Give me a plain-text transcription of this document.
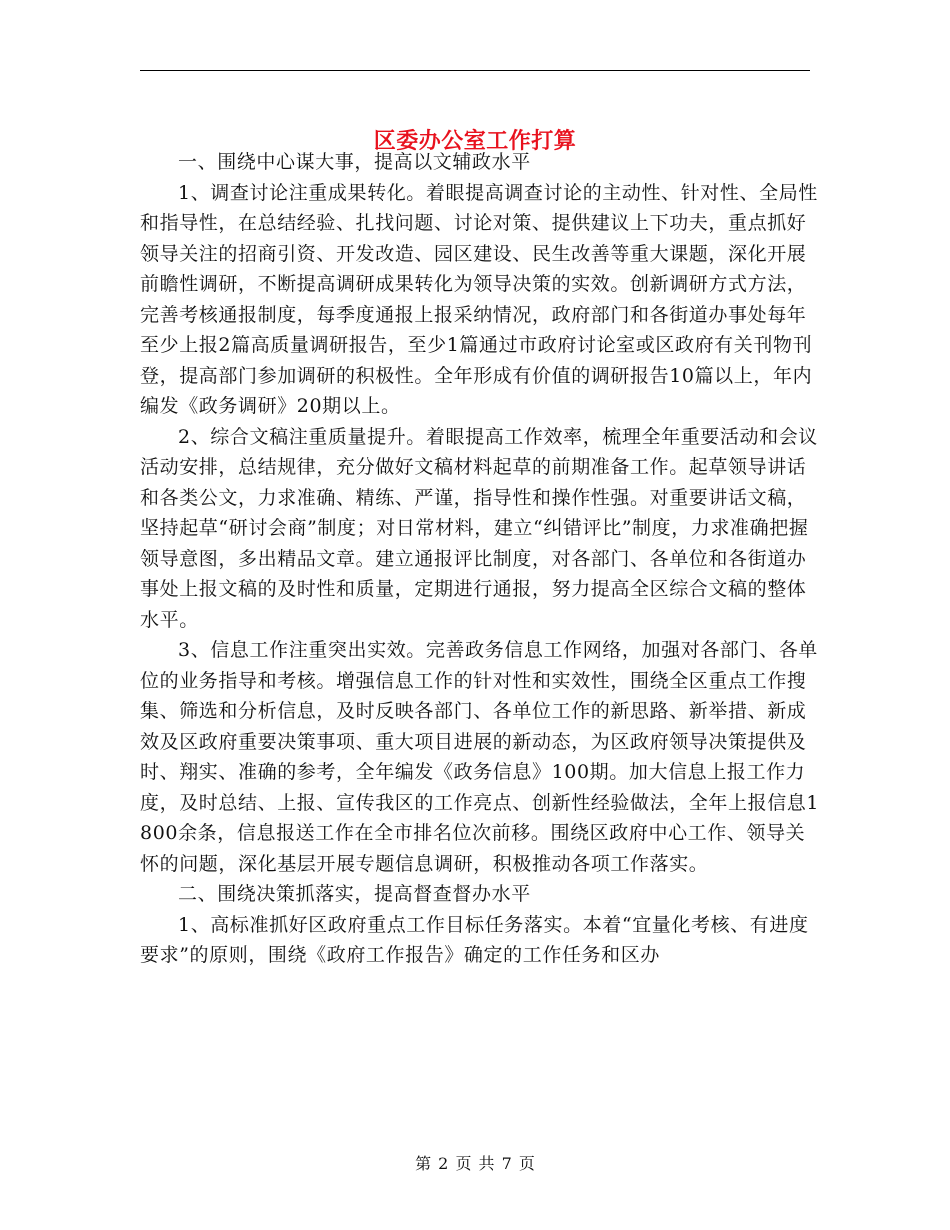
区委办公室工作打算

一、围绕中心谋大事，提高以文辅政水平

1、调查讨论注重成果转化。着眼提高调查讨论的主动性、针对性、全局性和指导性，在总结经验、扎找问题、讨论对策、提供建议上下功夫，重点抓好领导关注的招商引资、开发改造、园区建设、民生改善等重大课题，深化开展前瞻性调研，不断提高调研成果转化为领导决策的实效。创新调研方式方法，完善考核通报制度，每季度通报上报采纳情况，政府部门和各街道办事处每年至少上报2篇高质量调研报告，至少1篇通过市政府讨论室或区政府有关刊物刊登，提高部门参加调研的积极性。全年形成有价值的调研报告10篇以上，年内编发《政务调研》20期以上。

2、综合文稿注重质量提升。着眼提高工作效率，梳理全年重要活动和会议活动安排，总结规律，充分做好文稿材料起草的前期准备工作。起草领导讲话和各类公文，力求准确、精练、严谨，指导性和操作性强。对重要讲话文稿，坚持起草“研讨会商”制度；对日常材料，建立“纠错评比”制度，力求准确把握领导意图，多出精品文章。建立通报评比制度，对各部门、各单位和各街道办事处上报文稿的及时性和质量，定期进行通报，努力提高全区综合文稿的整体水平。

3、信息工作注重突出实效。完善政务信息工作网络，加强对各部门、各单位的业务指导和考核。增强信息工作的针对性和实效性，围绕全区重点工作搜集、筛选和分析信息，及时反映各部门、各单位工作的新思路、新举措、新成效及区政府重要决策事项、重大项目进展的新动态，为区政府领导决策提供及时、翔实、准确的参考，全年编发《政务信息》100期。加大信息上报工作力度，及时总结、上报、宣传我区的工作亮点、创新性经验做法，全年上报信息1800余条，信息报送工作在全市排名位次前移。围绕区政府中心工作、领导关怀的问题，深化基层开展专题信息调研，积极推动各项工作落实。

二、围绕决策抓落实，提高督查督办水平

1、高标准抓好区政府重点工作目标任务落实。本着“宜量化考核、有进度要求”的原则，围绕《政府工作报告》确定的工作任务和区办

第 2 页 共 7 页
